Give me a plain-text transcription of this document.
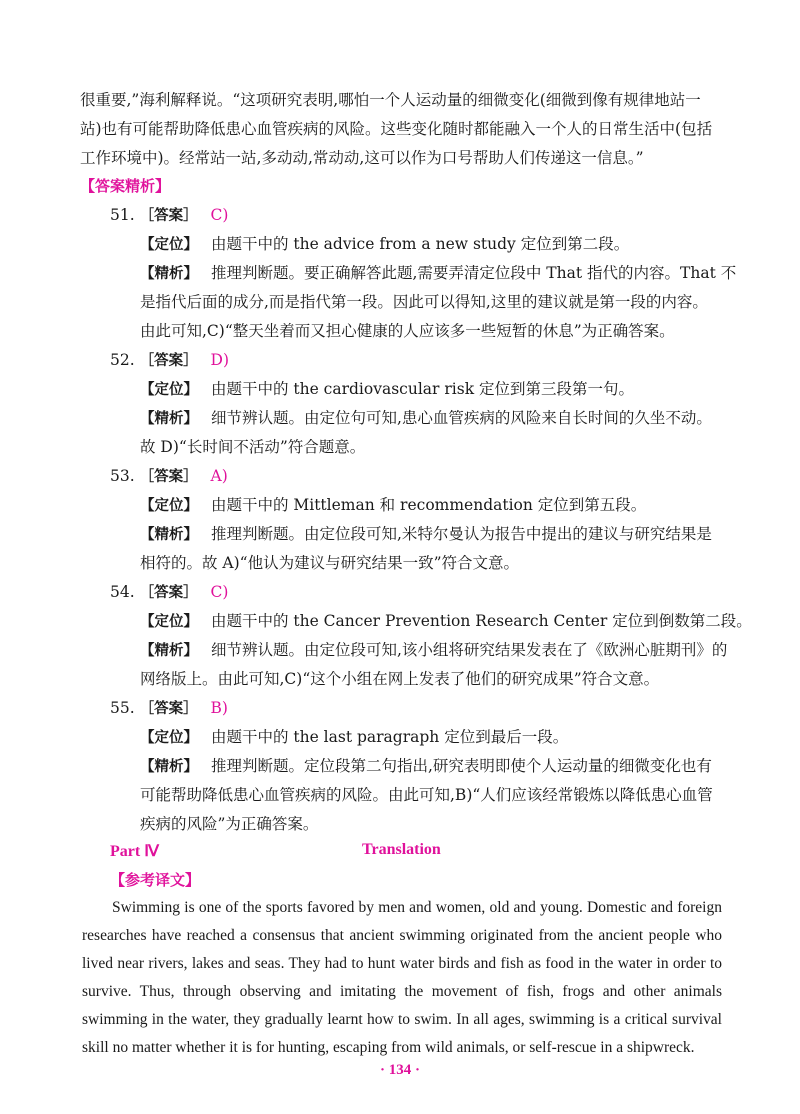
很重要,”海利解释说。“这项研究表明,哪怕一个人运动量的细微变化(细微到像有规律地站一
站)也有可能帮助降低患心血管疾病的风险。这些变化随时都能融入一个人的日常生活中(包括
工作环境中)。经常站一站,多动动,常动动,这可以作为口号帮助人们传递这一信息。”
【答案精析】
51. ［答案］ C)
【定位】 由题干中的 the advice from a new study 定位到第二段。
【精析】 推理判断题。要正确解答此题,需要弄清定位段中 That 指代的内容。That 不
是指代后面的成分,而是指代第一段。因此可以得知,这里的建议就是第一段的内容。
由此可知,C)“整天坐着而又担心健康的人应该多一些短暂的休息”为正确答案。
52. ［答案］ D)
【定位】 由题干中的 the cardiovascular risk 定位到第三段第一句。
【精析】 细节辨认题。由定位句可知,患心血管疾病的风险来自长时间的久坐不动。
故 D)“长时间不活动”符合题意。
53. ［答案］ A)
【定位】 由题干中的 Mittleman 和 recommendation 定位到第五段。
【精析】 推理判断题。由定位段可知,米特尔曼认为报告中提出的建议与研究结果是
相符的。故 A)“他认为建议与研究结果一致”符合文意。
54. ［答案］ C)
【定位】 由题干中的 the Cancer Prevention Research Center 定位到倒数第二段。
【精析】 细节辨认题。由定位段可知,该小组将研究结果发表在了《欧洲心脏期刊》的
网络版上。由此可知,C)“这个小组在网上发表了他们的研究成果”符合文意。
55. ［答案］ B)
【定位】 由题干中的 the last paragraph 定位到最后一段。
【精析】 推理判断题。定位段第二句指出,研究表明即使个人运动量的细微变化也有
可能帮助降低患心血管疾病的风险。由此可知,B)“人们应该经常锻炼以降低患心血管
疾病的风险”为正确答案。
Part Ⅳ	Translation
【参考译文】
Swimming is one of the sports favored by men and women, old and young. Domestic and foreign researches have reached a consensus that ancient swimming originated from the ancient people who lived near rivers, lakes and seas. They had to hunt water birds and fish as food in the water in order to survive. Thus, through observing and imitating the movement of fish, frogs and other animals swimming in the water, they gradually learnt how to swim. In all ages, swimming is a critical survival skill no matter whether it is for hunting, escaping from wild animals, or self-rescue in a shipwreck.
· 134 ·
